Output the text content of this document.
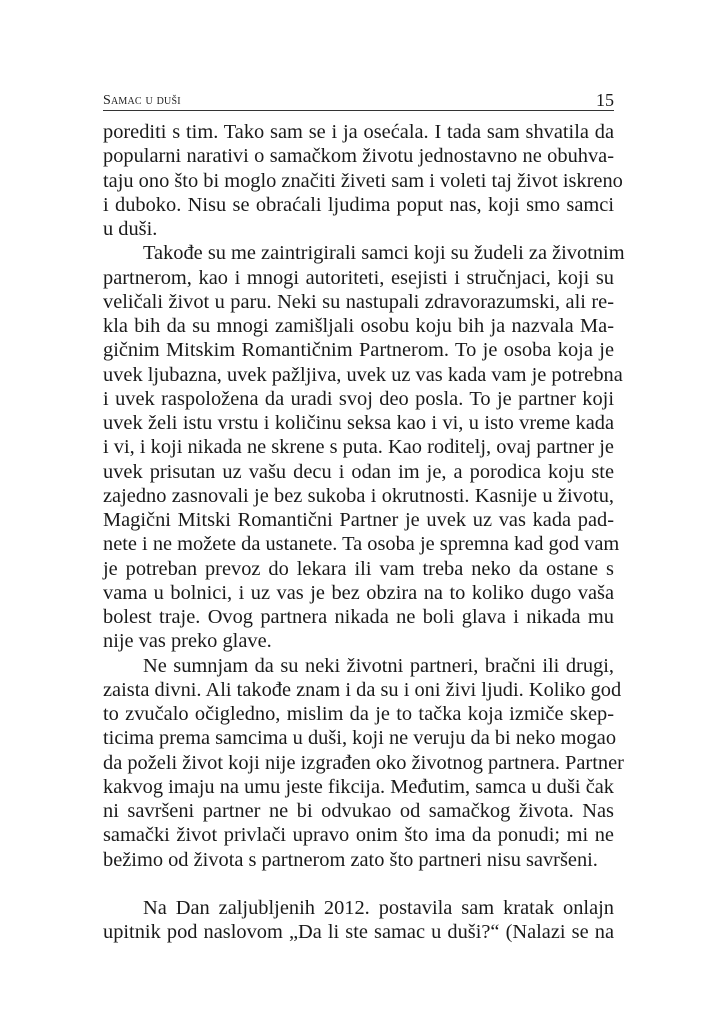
Samac u duši	15

porediti s tim. Tako sam se i ja osećala. I tada sam shvatila da
popularni narativi o samačkom životu jednostavno ne obuhva-
taju ono što bi moglo značiti živeti sam i voleti taj život iskreno
i duboko. Nisu se obraćali ljudima poput nas, koji smo samci
u duši.

Takođe su me zaintrigirali samci koji su žudeli za životnim
partnerom, kao i mnogi autoriteti, esejisti i stručnjaci, koji su
veličali život u paru. Neki su nastupali zdravorazumski, ali re-
kla bih da su mnogi zamišljali osobu koju bih ja nazvala Ma-
gičnim Mitskim Romantičnim Partnerom. To je osoba koja je
uvek ljubazna, uvek pažljiva, uvek uz vas kada vam je potrebna
i uvek raspoložena da uradi svoj deo posla. To je partner koji
uvek želi istu vrstu i količinu seksa kao i vi, u isto vreme kada
i vi, i koji nikada ne skrene s puta. Kao roditelj, ovaj partner je
uvek prisutan uz vašu decu i odan im je, a porodica koju ste
zajedno zasnovali je bez sukoba i okrutnosti. Kasnije u životu,
Magični Mitski Romantični Partner je uvek uz vas kada pad-
nete i ne možete da ustanete. Ta osoba je spremna kad god vam
je potreban prevoz do lekara ili vam treba neko da ostane s
vama u bolnici, i uz vas je bez obzira na to koliko dugo vaša
bolest traje. Ovog partnera nikada ne boli glava i nikada mu
nije vas preko glave.

Ne sumnjam da su neki životni partneri, bračni ili drugi,
zaista divni. Ali takođe znam i da su i oni živi ljudi. Koliko god
to zvučalo očigledno, mislim da je to tačka koja izmiče skep-
ticima prema samcima u duši, koji ne veruju da bi neko mogao
da poželi život koji nije izgrađen oko životnog partnera. Partner
kakvog imaju na umu jeste fikcija. Međutim, samca u duši čak
ni savršeni partner ne bi odvukao od samačkog života. Nas
samački život privlači upravo onim što ima da ponudi; mi ne
bežimo od života s partnerom zato što partneri nisu savršeni.

Na Dan zaljubljenih 2012. postavila sam kratak onlajn
upitnik pod naslovom „Da li ste samac u duši?“ (Nalazi se na
